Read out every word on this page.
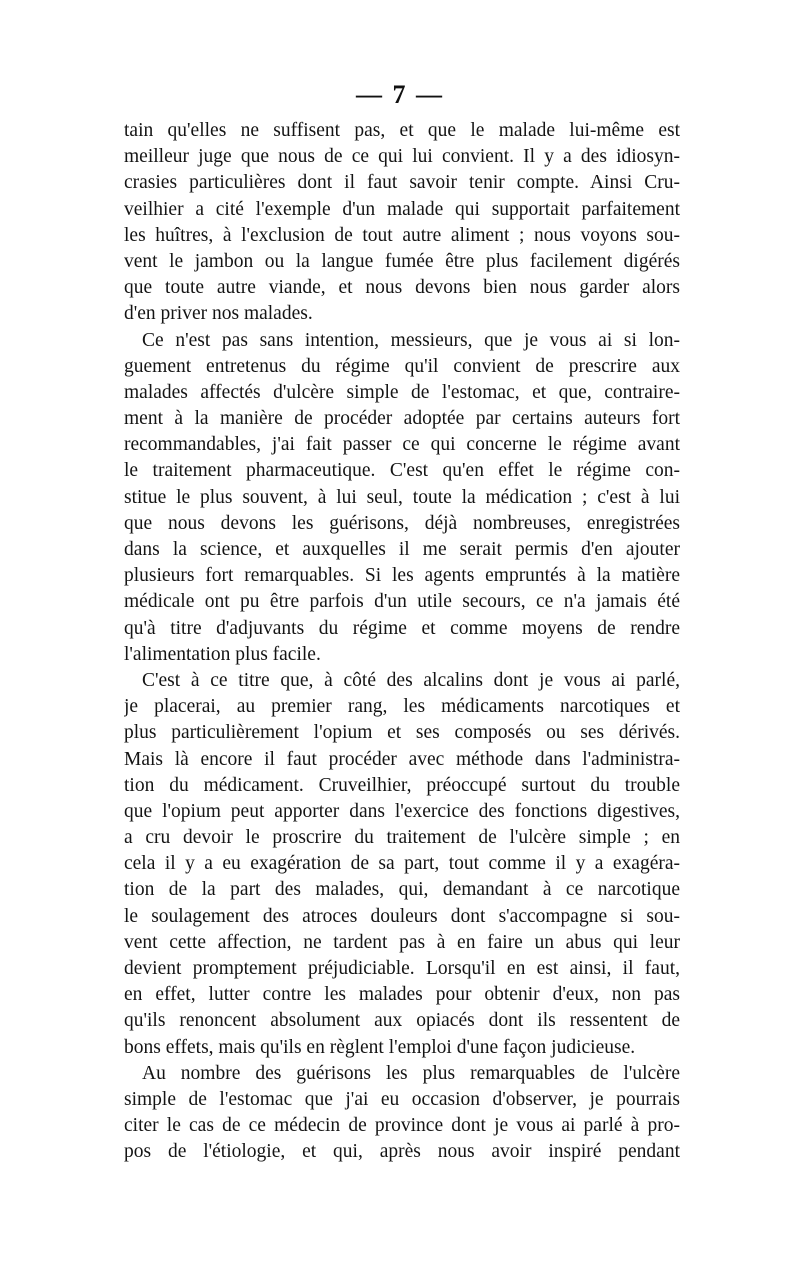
— 7 —
tain qu'elles ne suffisent pas, et que le malade lui-même est
meilleur juge que nous de ce qui lui convient. Il y a des idiosyn-
crasies particulières dont il faut savoir tenir compte. Ainsi Cru-
veilhier a cité l'exemple d'un malade qui supportait parfaitement
les huîtres, à l'exclusion de tout autre aliment ; nous voyons sou-
vent le jambon ou la langue fumée être plus facilement digérés
que toute autre viande, et nous devons bien nous garder alors
d'en priver nos malades.
Ce n'est pas sans intention, messieurs, que je vous ai si lon-
guement entretenus du régime qu'il convient de prescrire aux
malades affectés d'ulcère simple de l'estomac, et que, contraire-
ment à la manière de procéder adoptée par certains auteurs fort
recommandables, j'ai fait passer ce qui concerne le régime avant
le traitement pharmaceutique. C'est qu'en effet le régime con-
stitue le plus souvent, à lui seul, toute la médication ; c'est à lui
que nous devons les guérisons, déjà nombreuses, enregistrées
dans la science, et auxquelles il me serait permis d'en ajouter
plusieurs fort remarquables. Si les agents empruntés à la matière
médicale ont pu être parfois d'un utile secours, ce n'a jamais été
qu'à titre d'adjuvants du régime et comme moyens de rendre
l'alimentation plus facile.
C'est à ce titre que, à côté des alcalins dont je vous ai parlé,
je placerai, au premier rang, les médicaments narcotiques et
plus particulièrement l'opium et ses composés ou ses dérivés.
Mais là encore il faut procéder avec méthode dans l'administra-
tion du médicament. Cruveilhier, préoccupé surtout du trouble
que l'opium peut apporter dans l'exercice des fonctions digestives,
a cru devoir le proscrire du traitement de l'ulcère simple ; en
cela il y a eu exagération de sa part, tout comme il y a exagéra-
tion de la part des malades, qui, demandant à ce narcotique
le soulagement des atroces douleurs dont s'accompagne si sou-
vent cette affection, ne tardent pas à en faire un abus qui leur
devient promptement préjudiciable. Lorsqu'il en est ainsi, il faut,
en effet, lutter contre les malades pour obtenir d'eux, non pas
qu'ils renoncent absolument aux opiacés dont ils ressentent de
bons effets, mais qu'ils en règlent l'emploi d'une façon judicieuse.
Au nombre des guérisons les plus remarquables de l'ulcère
simple de l'estomac que j'ai eu occasion d'observer, je pourrais
citer le cas de ce médecin de province dont je vous ai parlé à pro-
pos de l'étiologie, et qui, après nous avoir inspiré pendant
